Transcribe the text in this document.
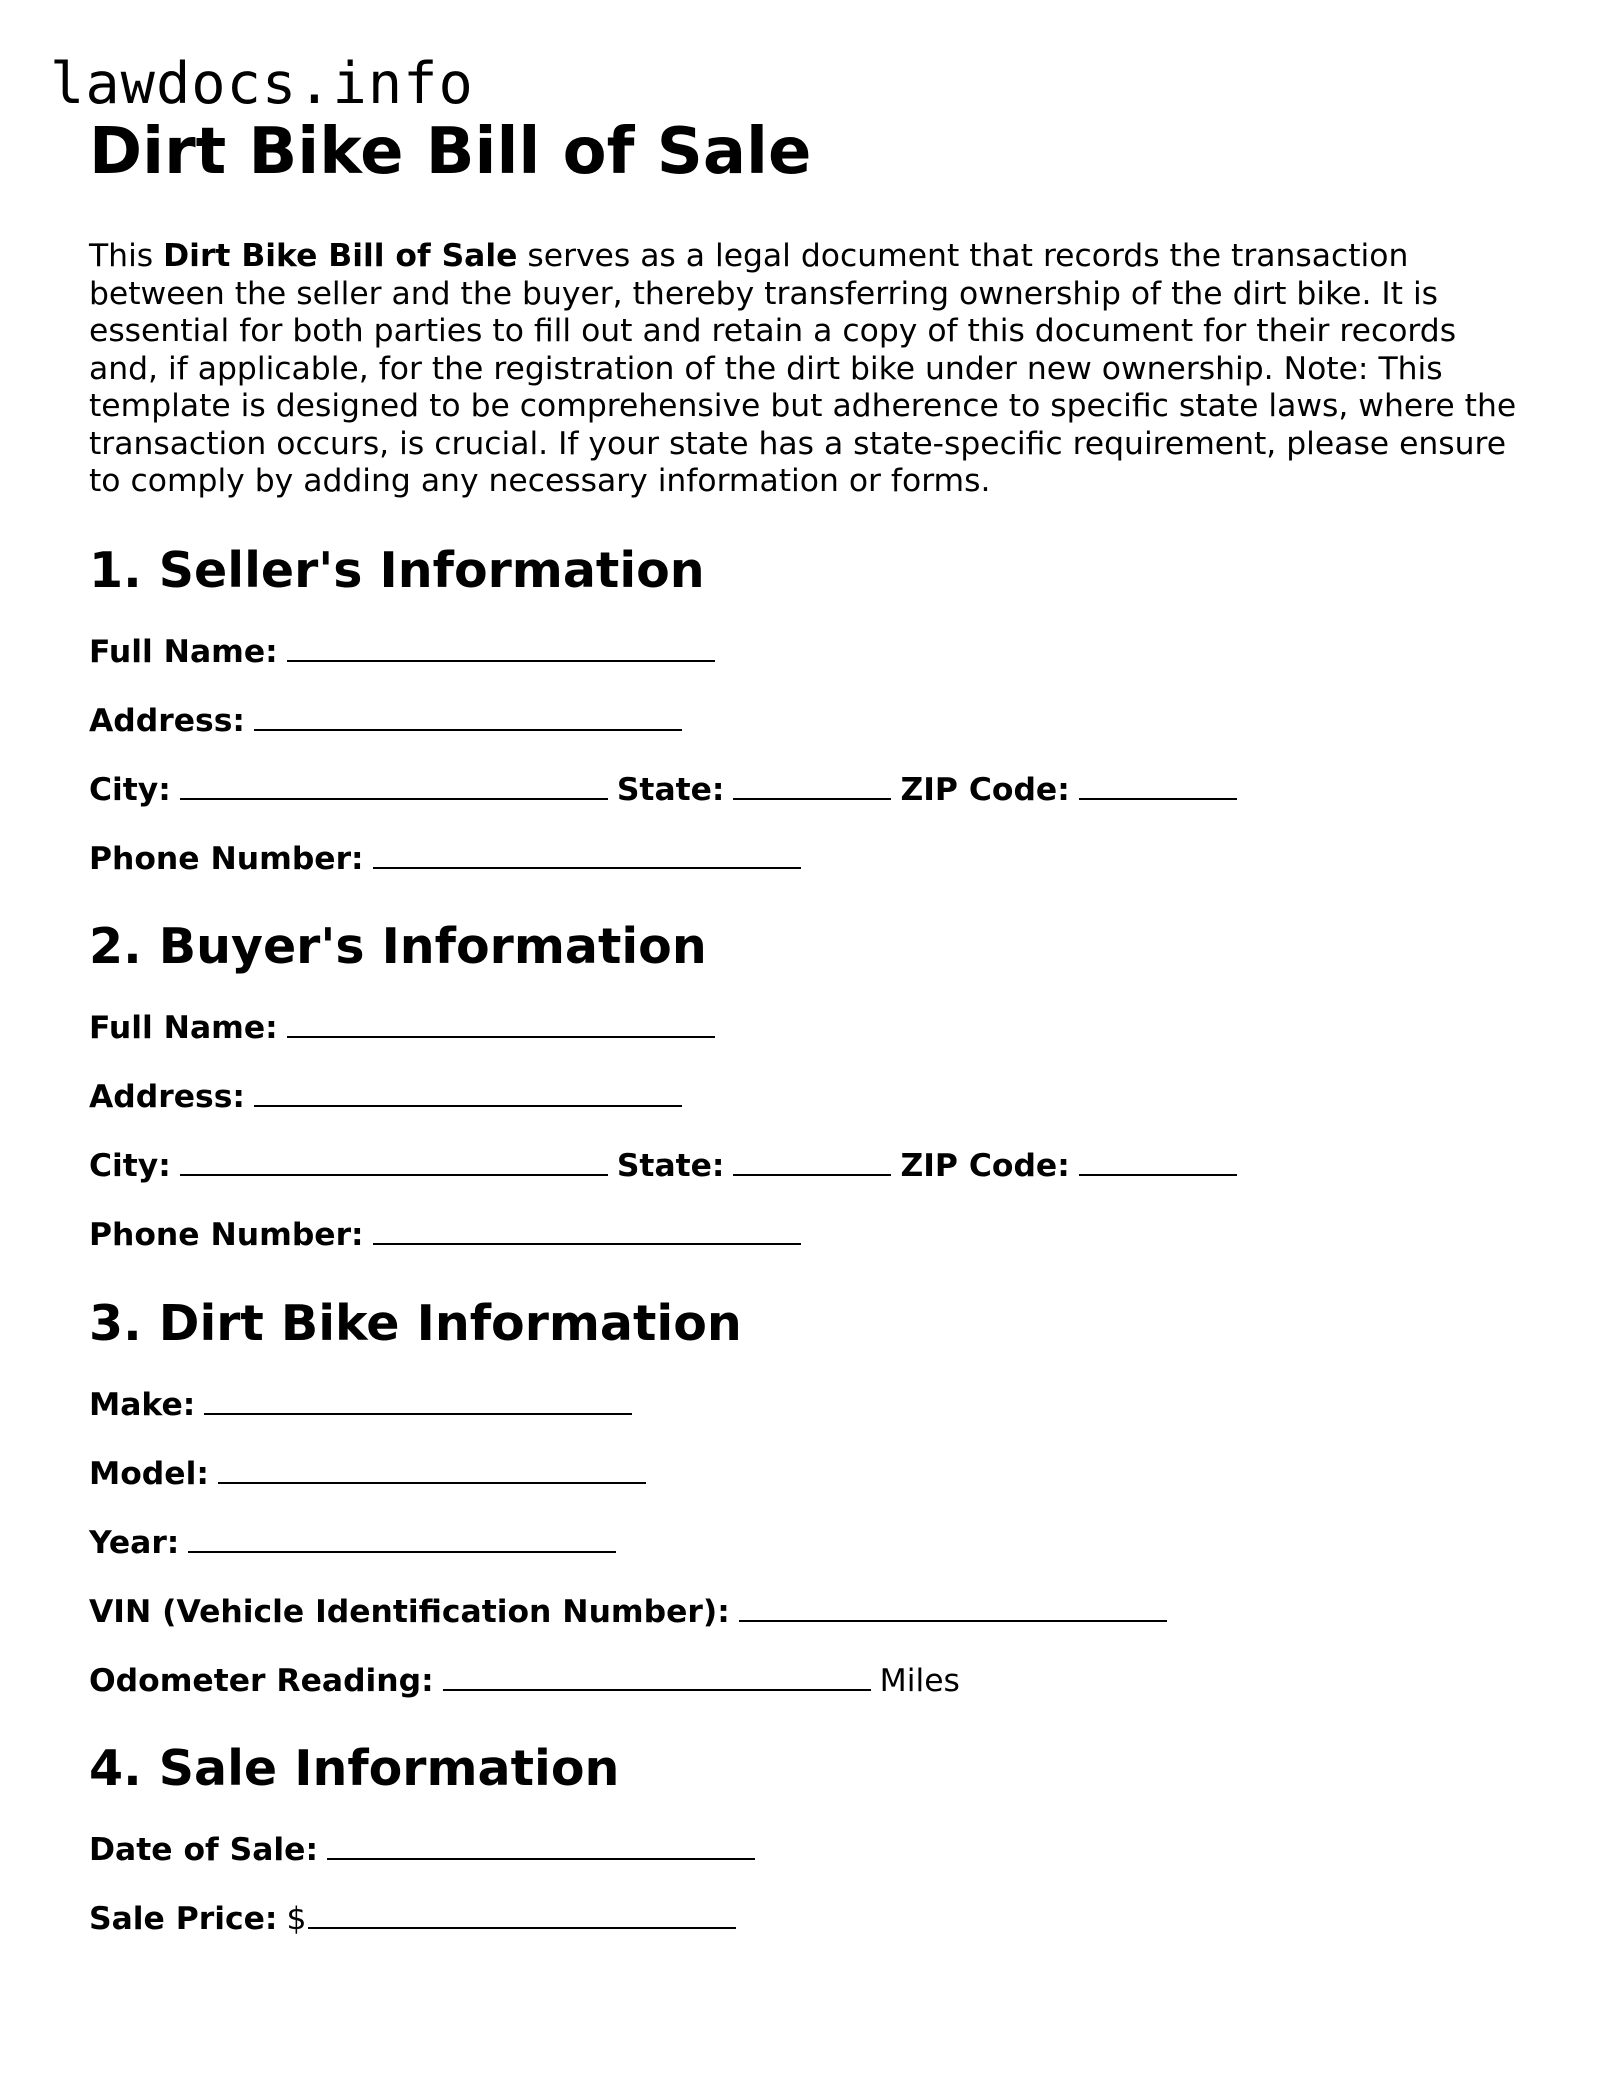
lawdocs.info
Dirt Bike Bill of Sale

This Dirt Bike Bill of Sale serves as a legal document that records the transaction between the seller and the buyer, thereby transferring ownership of the dirt bike. It is essential for both parties to fill out and retain a copy of this document for their records and, if applicable, for the registration of the dirt bike under new ownership. Note: This template is designed to be comprehensive but adherence to specific state laws, where the transaction occurs, is crucial. If your state has a state-specific requirement, please ensure to comply by adding any necessary information or forms.

1. Seller's Information
Full Name:
Address:
City:	State:	ZIP Code:
Phone Number:
2. Buyer's Information
Full Name:
Address:
City:	State:	ZIP Code:
Phone Number:
3. Dirt Bike Information
Make:
Model:
Year:
VIN (Vehicle Identification Number):
Odometer Reading:	Miles
4. Sale Information
Date of Sale:
Sale Price: $
